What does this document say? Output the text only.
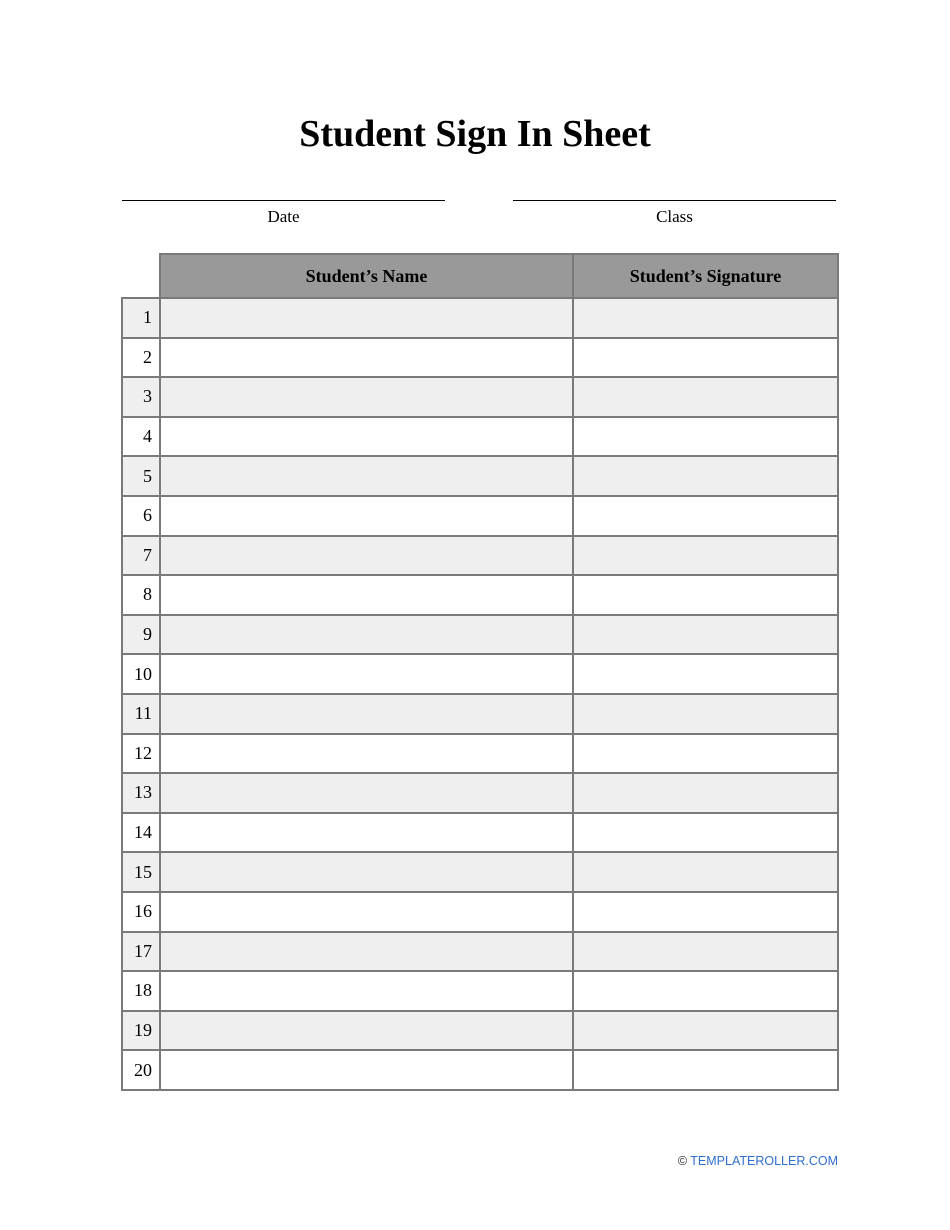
Student Sign In Sheet
Date	Class
	Student’s Name	Student’s Signature
1		
2		
3		
4		
5		
6		
7		
8		
9		
10		
11		
12		
13		
14		
15		
16		
17		
18		
19		
20		
© TEMPLATEROLLER.COM
